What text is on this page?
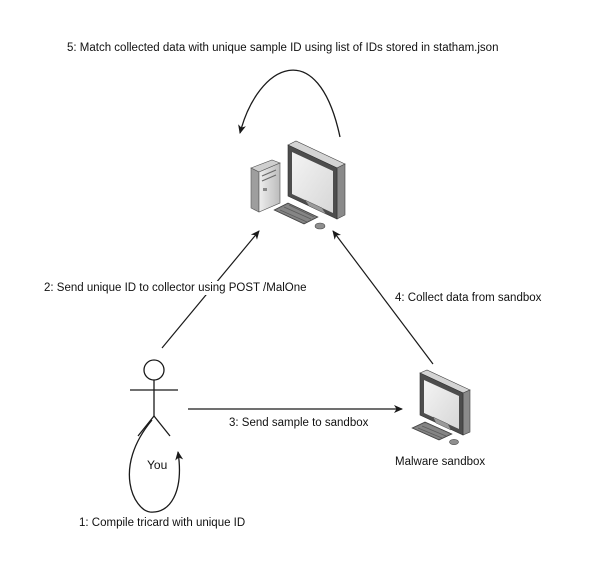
5: Match collected data with unique sample ID using list of IDs stored in statham.json
2: Send unique ID to collector using POST /MalOne
4: Collect data from sandbox
3: Send sample to sandbox
Malware sandbox
You
1: Compile tricard with unique ID
